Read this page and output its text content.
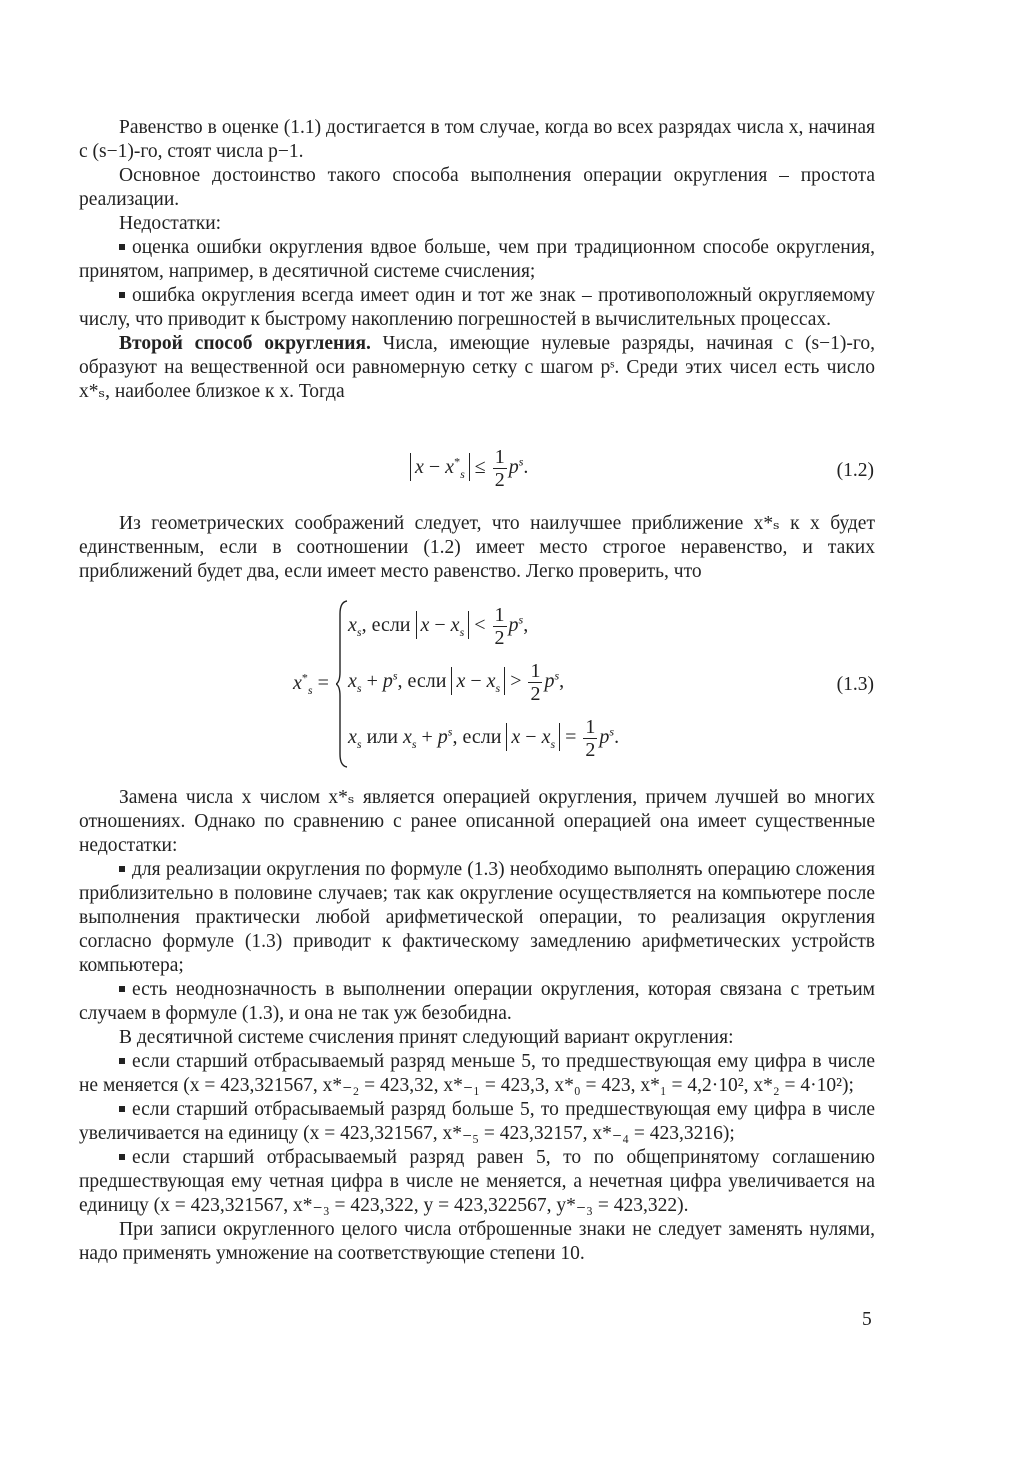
Равенство в оценке (1.1) достигается в том случае, когда во всех разрядах числа x, начиная с (s−1)-го, стоят числа p−1.

Основное достоинство такого способа выполнения операции округления – простота реализации.

Недостатки:

оценка ошибки округления вдвое больше, чем при традиционном способе округления, принятом, например, в десятичной системе счисления;

ошибка округления всегда имеет один и тот же знак – противоположный округляемому числу, что приводит к быстрому накоплению погрешностей в вычислительных процессах.

Второй способ округления. Числа, имеющие нулевые разряды, начиная с (s−1)-го, образуют на вещественной оси равномерную сетку с шагом pˢ. Среди этих чисел есть число x*ₛ, наиболее близкое к x. Тогда

$x - x^*_s \le \frac{1}{2} p^s$.	(1.2)

Из геометрических соображений следует, что наилучшее приближение x*ₛ к x будет единственным, если в соотношении (1.2) имеет место строгое неравенство, и таких приближений будет два, если имеет место равенство. Легко проверить, что

$x^*_s$ =
$x_s$, если $x - x_s < \frac{1}{2} p^s$,
$x_s + p^s$, если $x - x_s > \frac{1}{2} p^s$,
$x_s$ или $x_s + p^s$, если $x - x_s = \frac{1}{2} p^s$.
(1.3)

Замена числа x числом x*ₛ является операцией округления, причем лучшей во многих отношениях. Однако по сравнению с ранее описанной операцией она имеет существенные недостатки:

для реализации округления по формуле (1.3) необходимо выполнять операцию сложения приблизительно в половине случаев; так как округление осуществляется на компьютере после выполнения практически любой арифметической операции, то реализация округления согласно формуле (1.3) приводит к фактическому замедлению арифметических устройств компьютера;

есть неоднозначность в выполнении операции округления, которая связана с третьим случаем в формуле (1.3), и она не так уж безобидна.

В десятичной системе счисления принят следующий вариант округления:

если старший отбрасываемый разряд меньше 5, то предшествующая ему цифра в числе не меняется (x = 423,321567, x*₋₂ = 423,32, x*₋₁ = 423,3, x*₀ = 423, x*₁ = 4,2·10², x*₂ = 4·10²);

если старший отбрасываемый разряд больше 5, то предшествующая ему цифра в числе увеличивается на единицу (x = 423,321567, x*₋₅ = 423,32157, x*₋₄ = 423,3216);

если старший отбрасываемый разряд равен 5, то по общепринятому соглашению предшествующая ему четная цифра в числе не меняется, а нечетная цифра увеличивается на единицу (x = 423,321567, x*₋₃ = 423,322, y = 423,322567, y*₋₃ = 423,322).

При записи округленного целого числа отброшенные знаки не следует заменять нулями, надо применять умножение на соответствующие степени 10.

5
